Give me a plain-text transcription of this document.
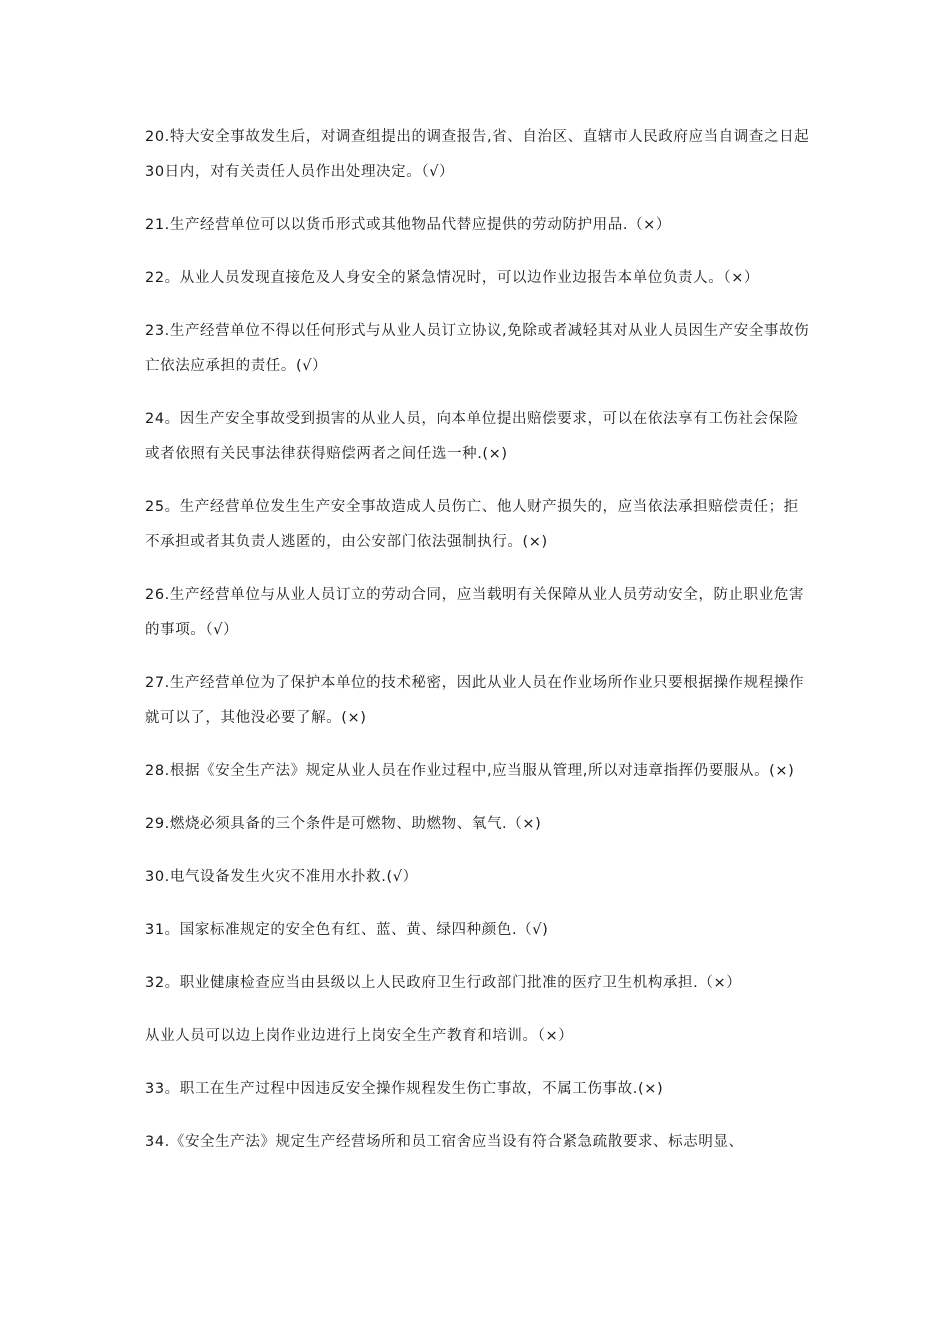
20.特大安全事故发生后，对调查组提出的调查报告,省、自治区、直辖市人民政府应当自调查之日起30日内，对有关责任人员作出处理决定。（√）

21.生产经营单位可以以货币形式或其他物品代替应提供的劳动防护用品.（×）

22。从业人员发现直接危及人身安全的紧急情况时，可以边作业边报告本单位负责人。（×）

23.生产经营单位不得以任何形式与从业人员订立协议,免除或者减轻其对从业人员因生产安全事故伤亡依法应承担的责任。(√）

24。因生产安全事故受到损害的从业人员，向本单位提出赔偿要求，可以在依法享有工伤社会保险或者依照有关民事法律获得赔偿两者之间任选一种.(×)

25。生产经营单位发生生产安全事故造成人员伤亡、他人财产损失的，应当依法承担赔偿责任；拒不承担或者其负责人逃匿的，由公安部门依法强制执行。(×)

26.生产经营单位与从业人员订立的劳动合同，应当载明有关保障从业人员劳动安全，防止职业危害的事项。（√）

27.生产经营单位为了保护本单位的技术秘密，因此从业人员在作业场所作业只要根据操作规程操作就可以了，其他没必要了解。(×)

28.根据《安全生产法》规定从业人员在作业过程中,应当服从管理,所以对违章指挥仍要服从。(×)

29.燃烧必须具备的三个条件是可燃物、助燃物、氧气.（×)

30.电气设备发生火灾不准用水扑救.(√）

31。国家标准规定的安全色有红、蓝、黄、绿四种颜色.（√)

32。职业健康检查应当由县级以上人民政府卫生行政部门批准的医疗卫生机构承担.（×）

从业人员可以边上岗作业边进行上岗安全生产教育和培训。（×）

33。职工在生产过程中因违反安全操作规程发生伤亡事故，不属工伤事故.(×)

34.《安全生产法》规定生产经营场所和员工宿舍应当设有符合紧急疏散要求、标志明显、
